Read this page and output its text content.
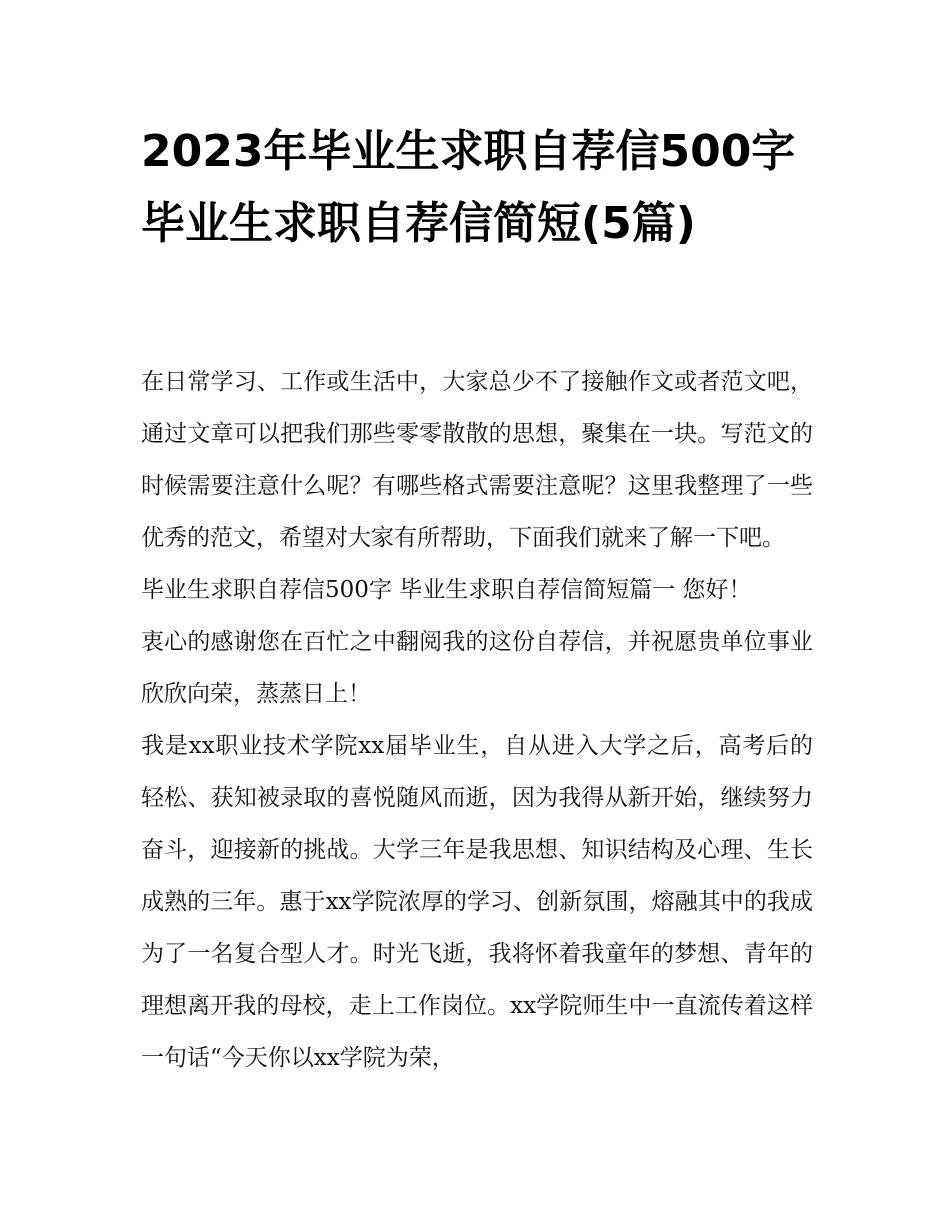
2023年毕业生求职自荐信500字 毕业生求职自荐信简短(5篇)

在日常学习、工作或生活中，大家总少不了接触作文或者范文吧，通过文章可以把我们那些零零散散的思想，聚集在一块。写范文的时候需要注意什么呢？有哪些格式需要注意呢？这里我整理了一些优秀的范文，希望对大家有所帮助，下面我们就来了解一下吧。

毕业生求职自荐信500字 毕业生求职自荐信简短篇一 您好！

衷心的感谢您在百忙之中翻阅我的这份自荐信，并祝愿贵单位事业欣欣向荣，蒸蒸日上！

我是xx职业技术学院xx届毕业生，自从进入大学之后，高考后的轻松、获知被录取的喜悦随风而逝，因为我得从新开始，继续努力奋斗，迎接新的挑战。大学三年是我思想、知识结构及心理、生长成熟的三年。惠于xx学院浓厚的学习、创新氛围，熔融其中的我成为了一名复合型人才。时光飞逝，我将怀着我童年的梦想、青年的理想离开我的母校，走上工作岗位。xx学院师生中一直流传着这样一句话“今天你以xx学院为荣，
